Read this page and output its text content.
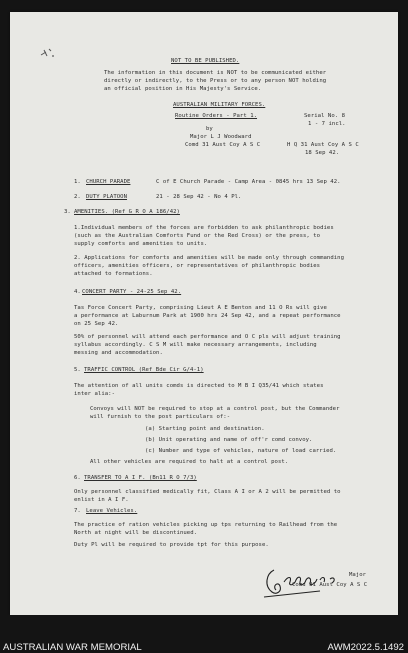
NOT TO BE PUBLISHED.
The information in this document is NOT to be communicated either
directly or indirectly, to the Press or to any person NOT holding
an official position in His Majesty's Service.
AUSTRALIAN MILITARY FORCES.
Routine Orders - Part 1.	Serial No. 8
1 - 7 incl.
by
Major L J Woodward
Comd 31 Aust Coy A S C	H Q 31 Aust Coy A S C
18 Sep 42.
1. CHURCH PARADE	C of E Church Parade - Camp Area - 0845 hrs 13 Sep 42.
2. DUTY PLATOON	21 - 28 Sep 42 - No 4 Pl.
3. AMENITIES. (Ref G R O A 186/42)
1.Individual members of the forces are forbidden to ask philanthropic bodies
(such as the Australian Comforts Fund or the Red Cross) or the press, to
supply comforts and amenities to units.
2. Applications for comforts and amenities will be made only through commanding
officers, amenities officers, or representatives of philanthropic bodies
attached to formations.
4. CONCERT PARTY - 24-25 Sep 42.
Tas Force Concert Party, comprising Lieut A E Benton and 11 O Rs will give
a performance at Laburnum Park at 1900 hrs 24 Sep 42, and a repeat performance
on 25 Sep 42.
50% of personnel will attend each performance and O C pls will adjust training
syllabus accordingly. C S M will make necessary arrangements, including
messing and accommodation.
5. TRAFFIC CONTROL (Ref Bde Cir G/4-1)
The attention of all units comds is directed to M B I Q35/41 which states
inter alia:-
Convoys will NOT be required to stop at a control post, but the Commander
will furnish to the post particulars of:-
(a) Starting point and destination.
(b) Unit operating and name of off'r comd convoy.
(c) Number and type of vehicles, nature of load carried.
All other vehicles are required to halt at a control post.
6. TRANSFER TO A I F. (Bn11 R O 7/3)
Only personnel classified medically fit, Class A I or A 2 will be permitted to
enlist in A I F.
7. Leave Vehicles.
The practice of ration vehicles picking up tps returning to Railhead from the
North at night will be discontinued.
Duty Pl will be required to provide tpt for this purpose.
Major
Comd 31 Aust Coy A S C
AUSTRALIAN WAR MEMORIAL	AWM2022.5.1492
